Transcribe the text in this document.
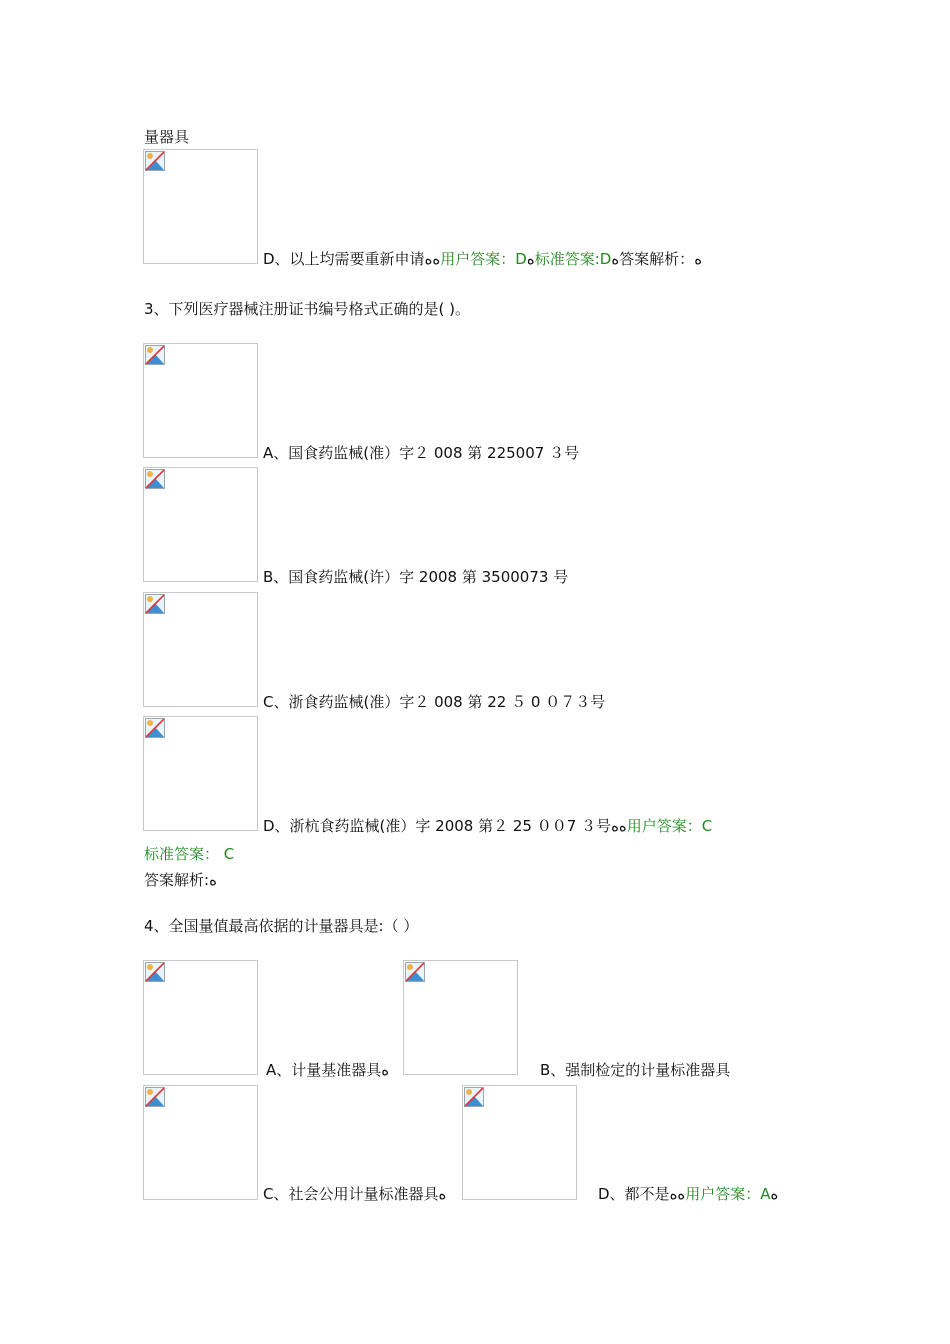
量器具
D、以上均需要重新申请ﻩﻩ用户答案：Dﻩ标准答案:Dﻩ答案解析：ﻩ
3、下列医疗器械注册证书编号格式正确的是( )。
A、国食药监械(准）字２ 008 第 225007 ３号
B、国食药监械(许）字 2008 第 3500073 号
C、浙食药监械(准）字２ 008 第 22 ５ 0 ０７３号
D、浙杭食药监械(准）字 2008 第２ 25 ００7 ３号ﻩﻩ用户答案：C
标准答案： C
答案解析:ﻩ
4、全国量值最高依据的计量器具是:（ ）
A、计量基准器具ﻩ	B、强制检定的计量标准器具
C、社会公用计量标准器具ﻩ	D、都不是ﻩﻩ用户答案：Aﻩ
